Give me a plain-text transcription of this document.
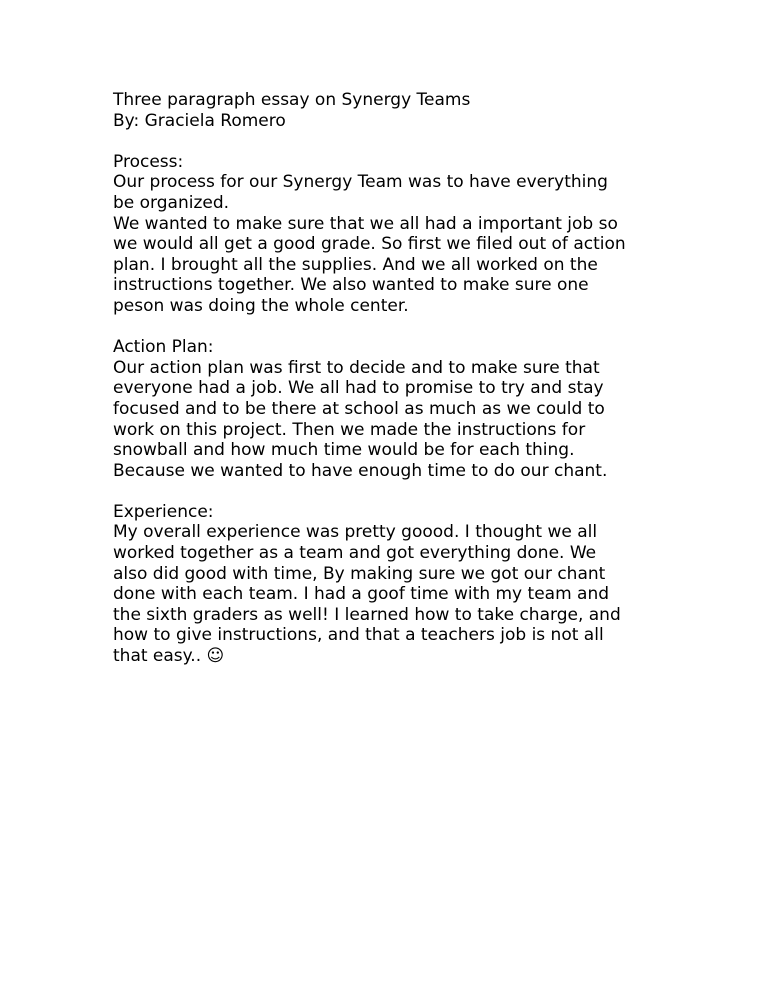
Three paragraph essay on Synergy Teams
By: Graciela Romero
Process:
Our process for our Synergy Team was to have everything
be organized.
We wanted to make sure that we all had a important job so
we would all get a good grade. So first we filed out of action
plan. I brought all the supplies. And we all worked on the
instructions together. We also wanted to make sure one
peson was doing the whole center.
Action Plan:
Our action plan was first to decide and to make sure that
everyone had a job. We all had to promise to try and stay
focused and to be there at school as much as we could to
work on this project. Then we made the instructions for
snowball and how much time would be for each thing.
Because we wanted to have enough time to do our chant.
Experience:
My overall experience was pretty goood. I thought we all
worked together as a team and got everything done. We
also did good with time, By making sure we got our chant
done with each team. I had a goof time with my team and
the sixth graders as well! I learned how to take charge, and
how to give instructions, and that a teachers job is not all
that easy.. ☺
